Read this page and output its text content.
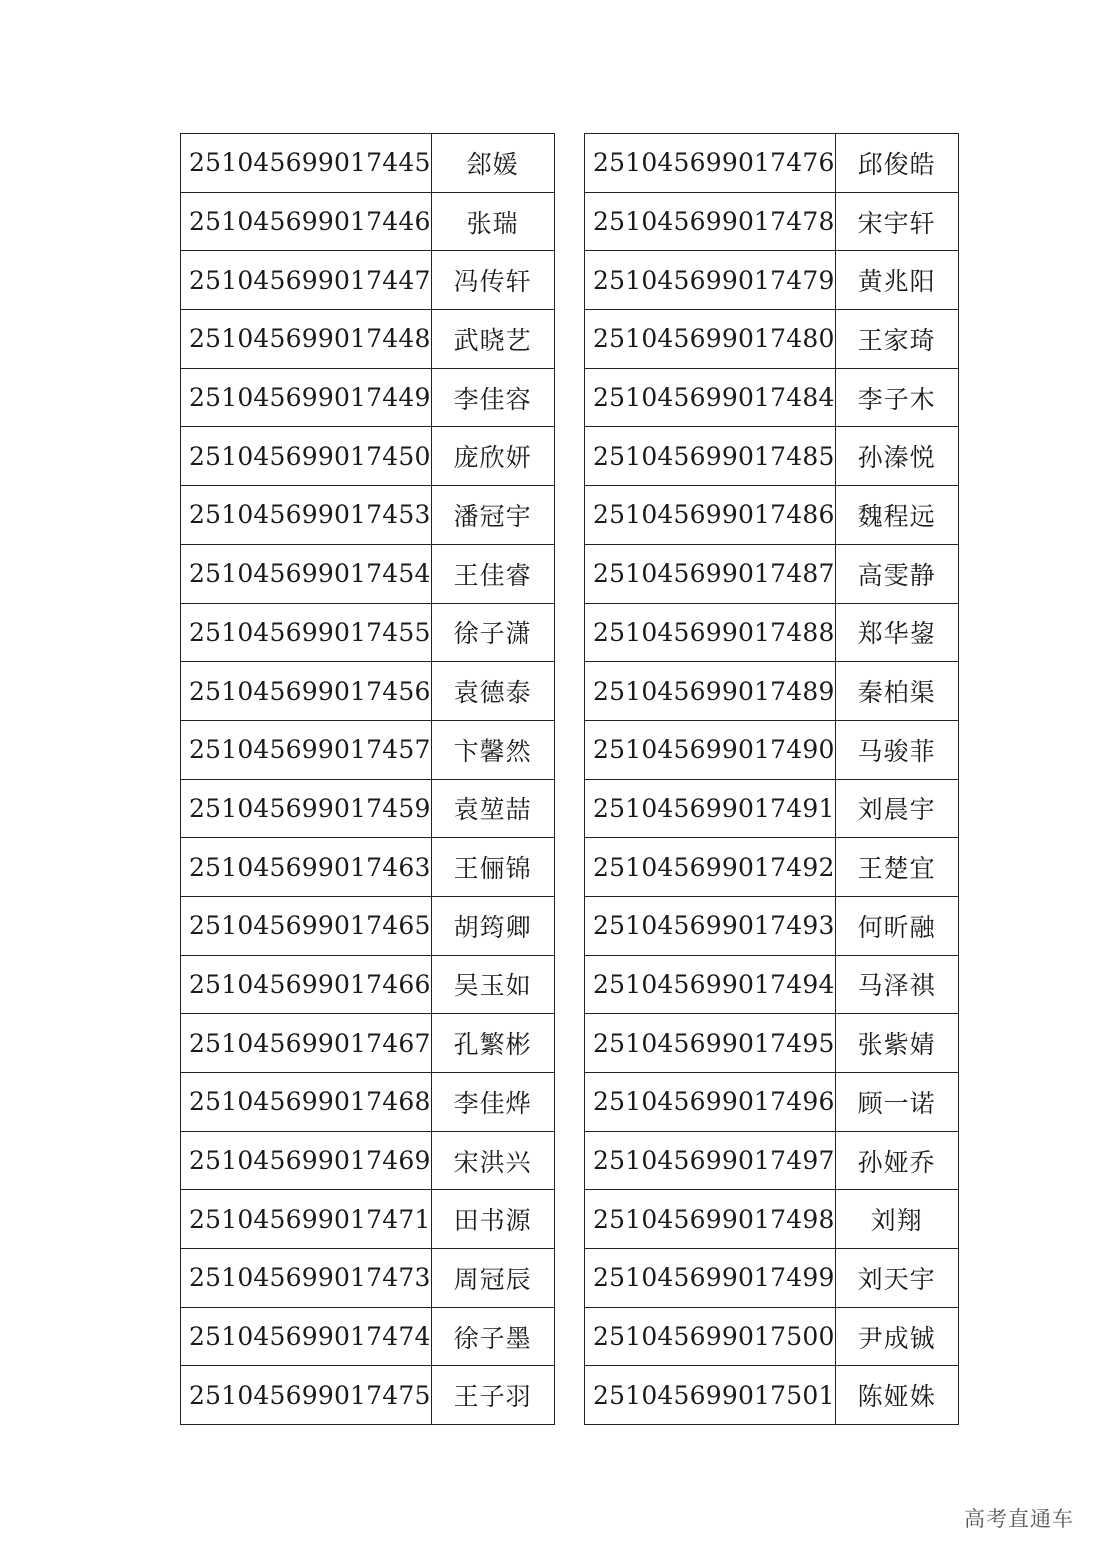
251045699017445	郐媛
251045699017446	张瑞
251045699017447	冯传轩
251045699017448	武晓艺
251045699017449	李佳容
251045699017450	庞欣妍
251045699017453	潘冠宇
251045699017454	王佳睿
251045699017455	徐子潇
251045699017456	袁德泰
251045699017457	卞馨然
251045699017459	袁堃喆
251045699017463	王俪锦
251045699017465	胡筠卿
251045699017466	吴玉如
251045699017467	孔繁彬
251045699017468	李佳烨
251045699017469	宋洪兴
251045699017471	田书源
251045699017473	周冠辰
251045699017474	徐子墨
251045699017475	王子羽
251045699017476	邱俊皓
251045699017478	宋宇轩
251045699017479	黄兆阳
251045699017480	王家琦
251045699017484	李子木
251045699017485	孙溱悦
251045699017486	魏程远
251045699017487	高雯静
251045699017488	郑华鋆
251045699017489	秦柏渠
251045699017490	马骏菲
251045699017491	刘晨宇
251045699017492	王楚宜
251045699017493	何昕融
251045699017494	马泽祺
251045699017495	张紫婧
251045699017496	顾一诺
251045699017497	孙娅乔
251045699017498	刘翔
251045699017499	刘天宇
251045699017500	尹成铖
251045699017501	陈娅姝
高考直通车
